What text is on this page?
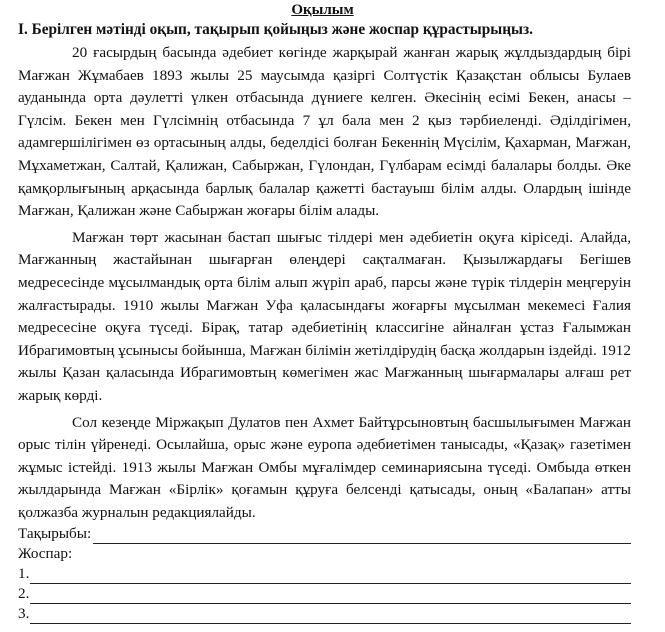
Оқылым
I. Берілген мәтінді оқып, тақырып қойыңыз және жоспар құрастырыңыз.

20 ғасырдың басында әдебиет көгінде жарқырай жанған жарық жұлдыздардың бірі Мағжан Жұмабаев 1893 жылы 25 маусымда қазіргі Солтүстік Қазақстан облысы Булаев ауданында орта дәулетті үлкен отбасында дүниеге келген. Әкесінің есімі Бекен, анасы – Гүлсім. Бекен мен Гүлсімнің отбасында 7 ұл бала мен 2 қыз тәрбиеленді. Әділдігімен, адамгершілігімен өз ортасының алды, беделдісі болған Бекеннің Мүсілім, Қахарман, Мағжан, Мұхаметжан, Салтай, Қалижан, Сабыржан, Гүлондан, Гүлбарам есімді балалары болды. Әке қамқорлығының арқасында барлық балалар қажетті бастауыш білім алды. Олардың ішінде Мағжан, Қалижан және Сабыржан жоғары білім алады.

Мағжан төрт жасынан бастап шығыс тілдері мен әдебиетін оқуға кіріседі. Алайда, Мағжанның жастайынан шығарған өлеңдері сақталмаған. Қызылжардағы Бегішев медресесінде мұсылмандық орта білім алып жүріп араб, парсы және түрік тілдерін меңгеруін жалғастырады. 1910 жылы Мағжан Уфа қаласындағы жоғарғы мұсылман мекемесі Ғалия медресесіне оқуға түседі. Бірақ, татар әдебиетінің классигіне айналған ұстаз Ғалымжан Ибрагимовтың ұсынысы бойынша, Мағжан білімін жетілдірудің басқа жолдарын іздейді. 1912 жылы Қазан қаласында Ибрагимовтың көмегімен жас Мағжанның шығармалары алғаш рет жарық көрді.

Сол кезеңде Міржақып Дулатов пен Ахмет Байтұрсыновтың басшылығымен Мағжан орыс тілін үйренеді. Осылайша, орыс және еуропа әдебиетімен танысады, «Қазақ» газетімен жұмыс істейді. 1913 жылы Мағжан Омбы мұғалімдер семинариясына түседі. Омбыда өткен жылдарында Мағжан «Бірлік» қоғамын құруға белсенді қатысады, оның «Балапан» атты қолжазба журналын редакциялайды.

Тақырыбы:
Жоспар:
1.
2.
3.
